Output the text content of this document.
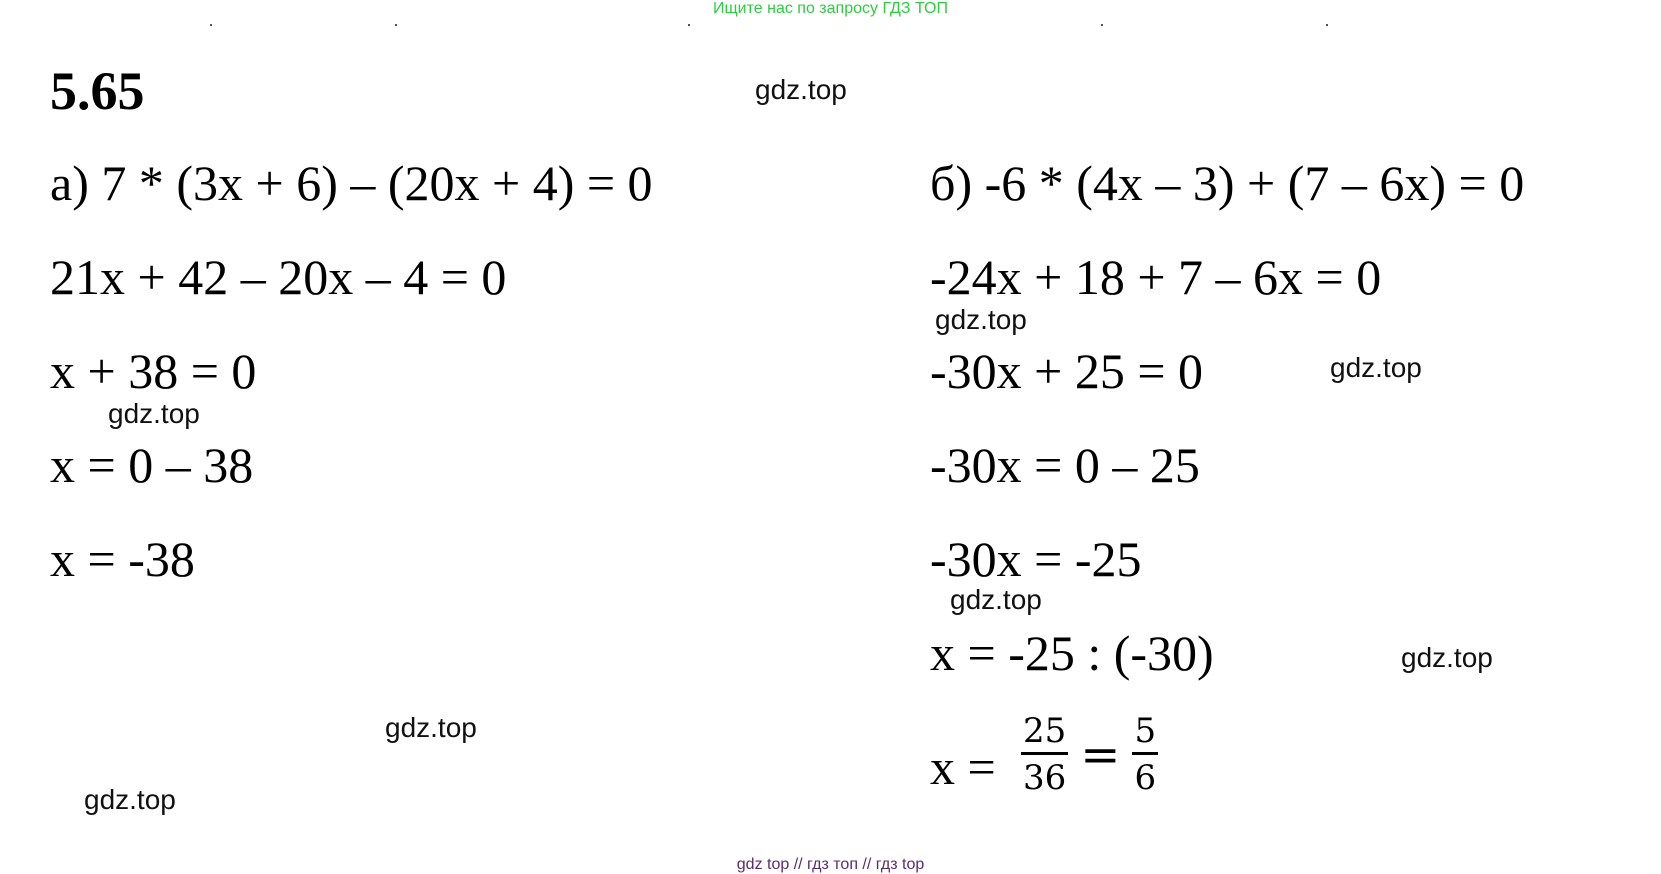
Ищите нас по запросу ГДЗ ТОП
5.65
а) 7 * (3x + 6) – (20x + 4) = 0
21x + 42 – 20x – 4 = 0
x + 38 = 0
x = 0 – 38
x = -38
б) -6 * (4x – 3) + (7 – 6x) = 0
-24x + 18 + 7 – 6x = 0
-30x + 25 = 0
-30x = 0 – 25
-30x = -25
x = -25 : (-30)
$x = \frac{25}{36} = \frac{5}{6}$
gdz.top
gdz.top
gdz.top
gdz.top
gdz.top
gdz.top
gdz.top
gdz.top
gdz top // гдз топ // гдз top
